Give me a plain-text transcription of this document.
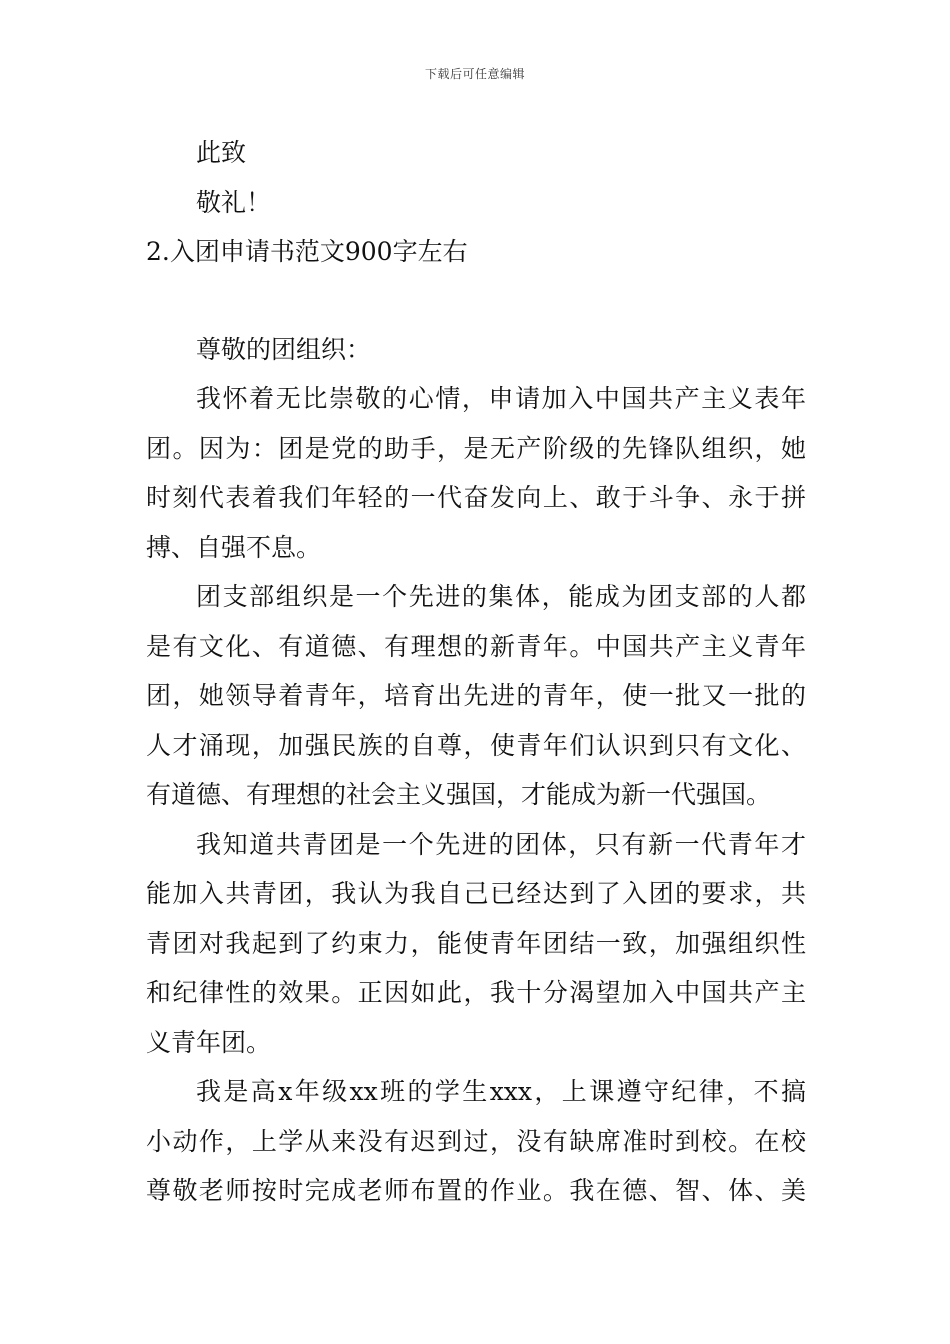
下载后可任意编辑
此致
敬礼！
2.入团申请书范文900字左右
尊敬的团组织：
我怀着无比崇敬的心情，申请加入中国共产主义表年
团。因为：团是党的助手，是无产阶级的先锋队组织，她
时刻代表着我们年轻的一代奋发向上、敢于斗争、永于拼
搏、自强不息。
团支部组织是一个先进的集体，能成为团支部的人都
是有文化、有道德、有理想的新青年。中国共产主义青年
团，她领导着青年，培育出先进的青年，使一批又一批的
人才涌现，加强民族的自尊，使青年们认识到只有文化、
有道德、有理想的社会主义强国，才能成为新一代强国。
我知道共青团是一个先进的团体，只有新一代青年才
能加入共青团，我认为我自己已经达到了入团的要求，共
青团对我起到了约束力，能使青年团结一致，加强组织性
和纪律性的效果。正因如此，我十分渴望加入中国共产主
义青年团。
我是高x年级xx班的学生xxx，上课遵守纪律，不搞
小动作，上学从来没有迟到过，没有缺席准时到校。在校
尊敬老师按时完成老师布置的作业。我在德、智、体、美
